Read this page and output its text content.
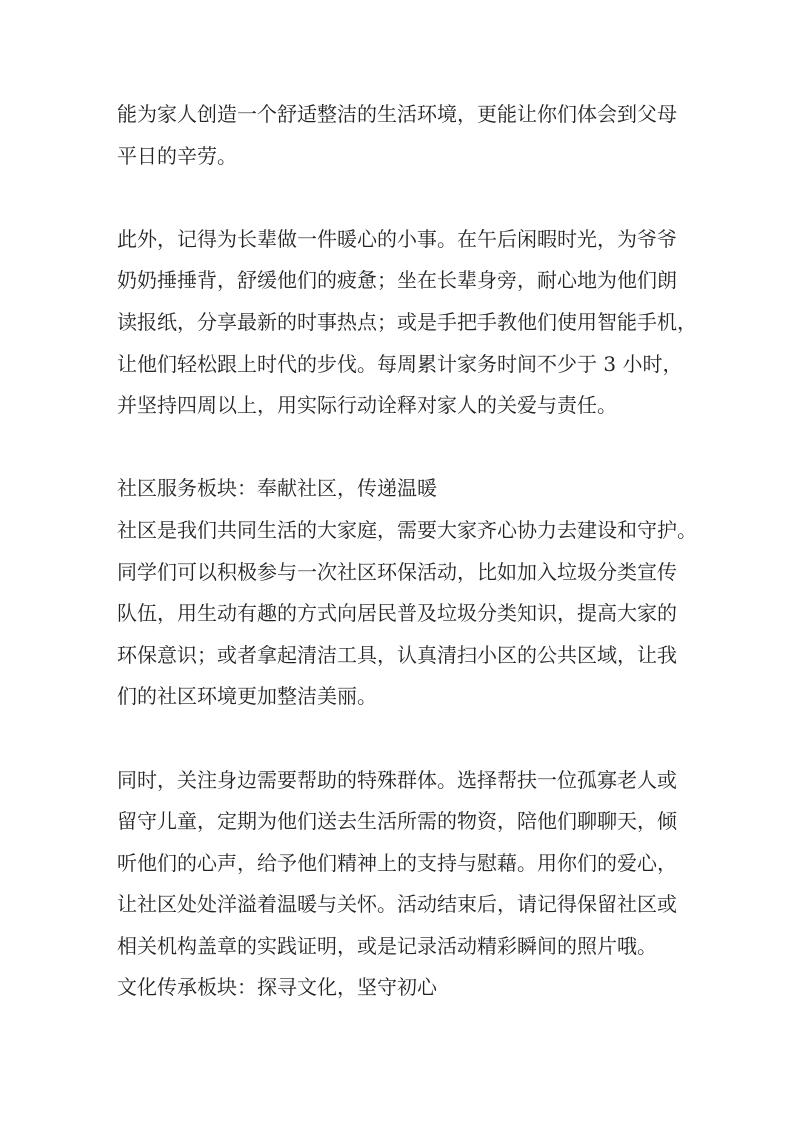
能为家人创造一个舒适整洁的生活环境，更能让你们体会到父母
平日的辛劳。
此外，记得为长辈做一件暖心的小事。在午后闲暇时光，为爷爷
奶奶捶捶背，舒缓他们的疲惫；坐在长辈身旁，耐心地为他们朗
读报纸，分享最新的时事热点；或是手把手教他们使用智能手机，
让他们轻松跟上时代的步伐。每周累计家务时间不少于 3 小时，
并坚持四周以上，用实际行动诠释对家人的关爱与责任。
社区服务板块：奉献社区，传递温暖
社区是我们共同生活的大家庭，需要大家齐心协力去建设和守护。
同学们可以积极参与一次社区环保活动，比如加入垃圾分类宣传
队伍，用生动有趣的方式向居民普及垃圾分类知识，提高大家的
环保意识；或者拿起清洁工具，认真清扫小区的公共区域，让我
们的社区环境更加整洁美丽。
同时，关注身边需要帮助的特殊群体。选择帮扶一位孤寡老人或
留守儿童，定期为他们送去生活所需的物资，陪他们聊聊天，倾
听他们的心声，给予他们精神上的支持与慰藉。用你们的爱心，
让社区处处洋溢着温暖与关怀。活动结束后，请记得保留社区或
相关机构盖章的实践证明，或是记录活动精彩瞬间的照片哦。
文化传承板块：探寻文化，坚守初心
